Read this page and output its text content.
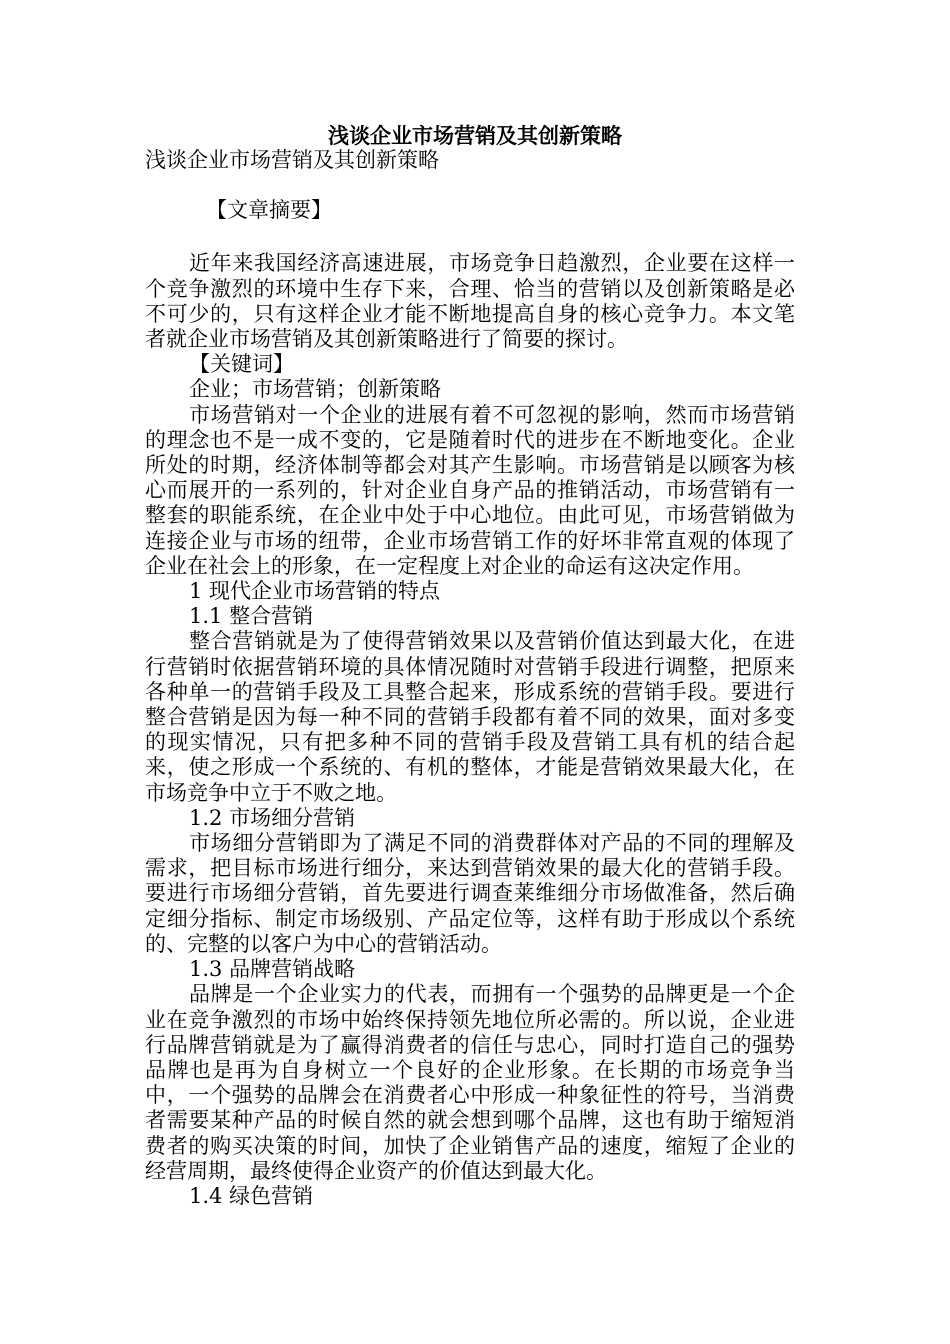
浅谈企业市场营销及其创新策略

浅谈企业市场营销及其创新策略

【文章摘要】

近年来我国经济高速进展，市场竞争日趋激烈，企业要在这样一个竞争激烈的环境中生存下来，合理、恰当的营销以及创新策略是必不可少的，只有这样企业才能不断地提高自身的核心竞争力。本文笔者就企业市场营销及其创新策略进行了简要的探讨。

【关键词】

企业；市场营销；创新策略

市场营销对一个企业的进展有着不可忽视的影响，然而市场营销的理念也不是一成不变的，它是随着时代的进步在不断地变化。企业所处的时期，经济体制等都会对其产生影响。市场营销是以顾客为核心而展开的一系列的，针对企业自身产品的推销活动，市场营销有一整套的职能系统，在企业中处于中心地位。由此可见，市场营销做为连接企业与市场的纽带，企业市场营销工作的好坏非常直观的体现了企业在社会上的形象，在一定程度上对企业的命运有这决定作用。

1 现代企业市场营销的特点

1.1 整合营销

整合营销就是为了使得营销效果以及营销价值达到最大化，在进行营销时依据营销环境的具体情况随时对营销手段进行调整，把原来各种单一的营销手段及工具整合起来，形成系统的营销手段。要进行整合营销是因为每一种不同的营销手段都有着不同的效果，面对多变的现实情况，只有把多种不同的营销手段及营销工具有机的结合起来，使之形成一个系统的、有机的整体，才能是营销效果最大化，在市场竞争中立于不败之地。

1.2 市场细分营销

市场细分营销即为了满足不同的消费群体对产品的不同的理解及需求，把目标市场进行细分，来达到营销效果的最大化的营销手段。要进行市场细分营销，首先要进行调查莱维细分市场做准备，然后确定细分指标、制定市场级别、产品定位等，这样有助于形成以个系统的、完整的以客户为中心的营销活动。

1.3 品牌营销战略

品牌是一个企业实力的代表，而拥有一个强势的品牌更是一个企业在竞争激烈的市场中始终保持领先地位所必需的。所以说，企业进行品牌营销就是为了赢得消费者的信任与忠心，同时打造自己的强势品牌也是再为自身树立一个良好的企业形象。在长期的市场竞争当中，一个强势的品牌会在消费者心中形成一种象征性的符号，当消费者需要某种产品的时候自然的就会想到哪个品牌，这也有助于缩短消费者的购买决策的时间，加快了企业销售产品的速度，缩短了企业的经营周期，最终使得企业资产的价值达到最大化。

1.4 绿色营销
